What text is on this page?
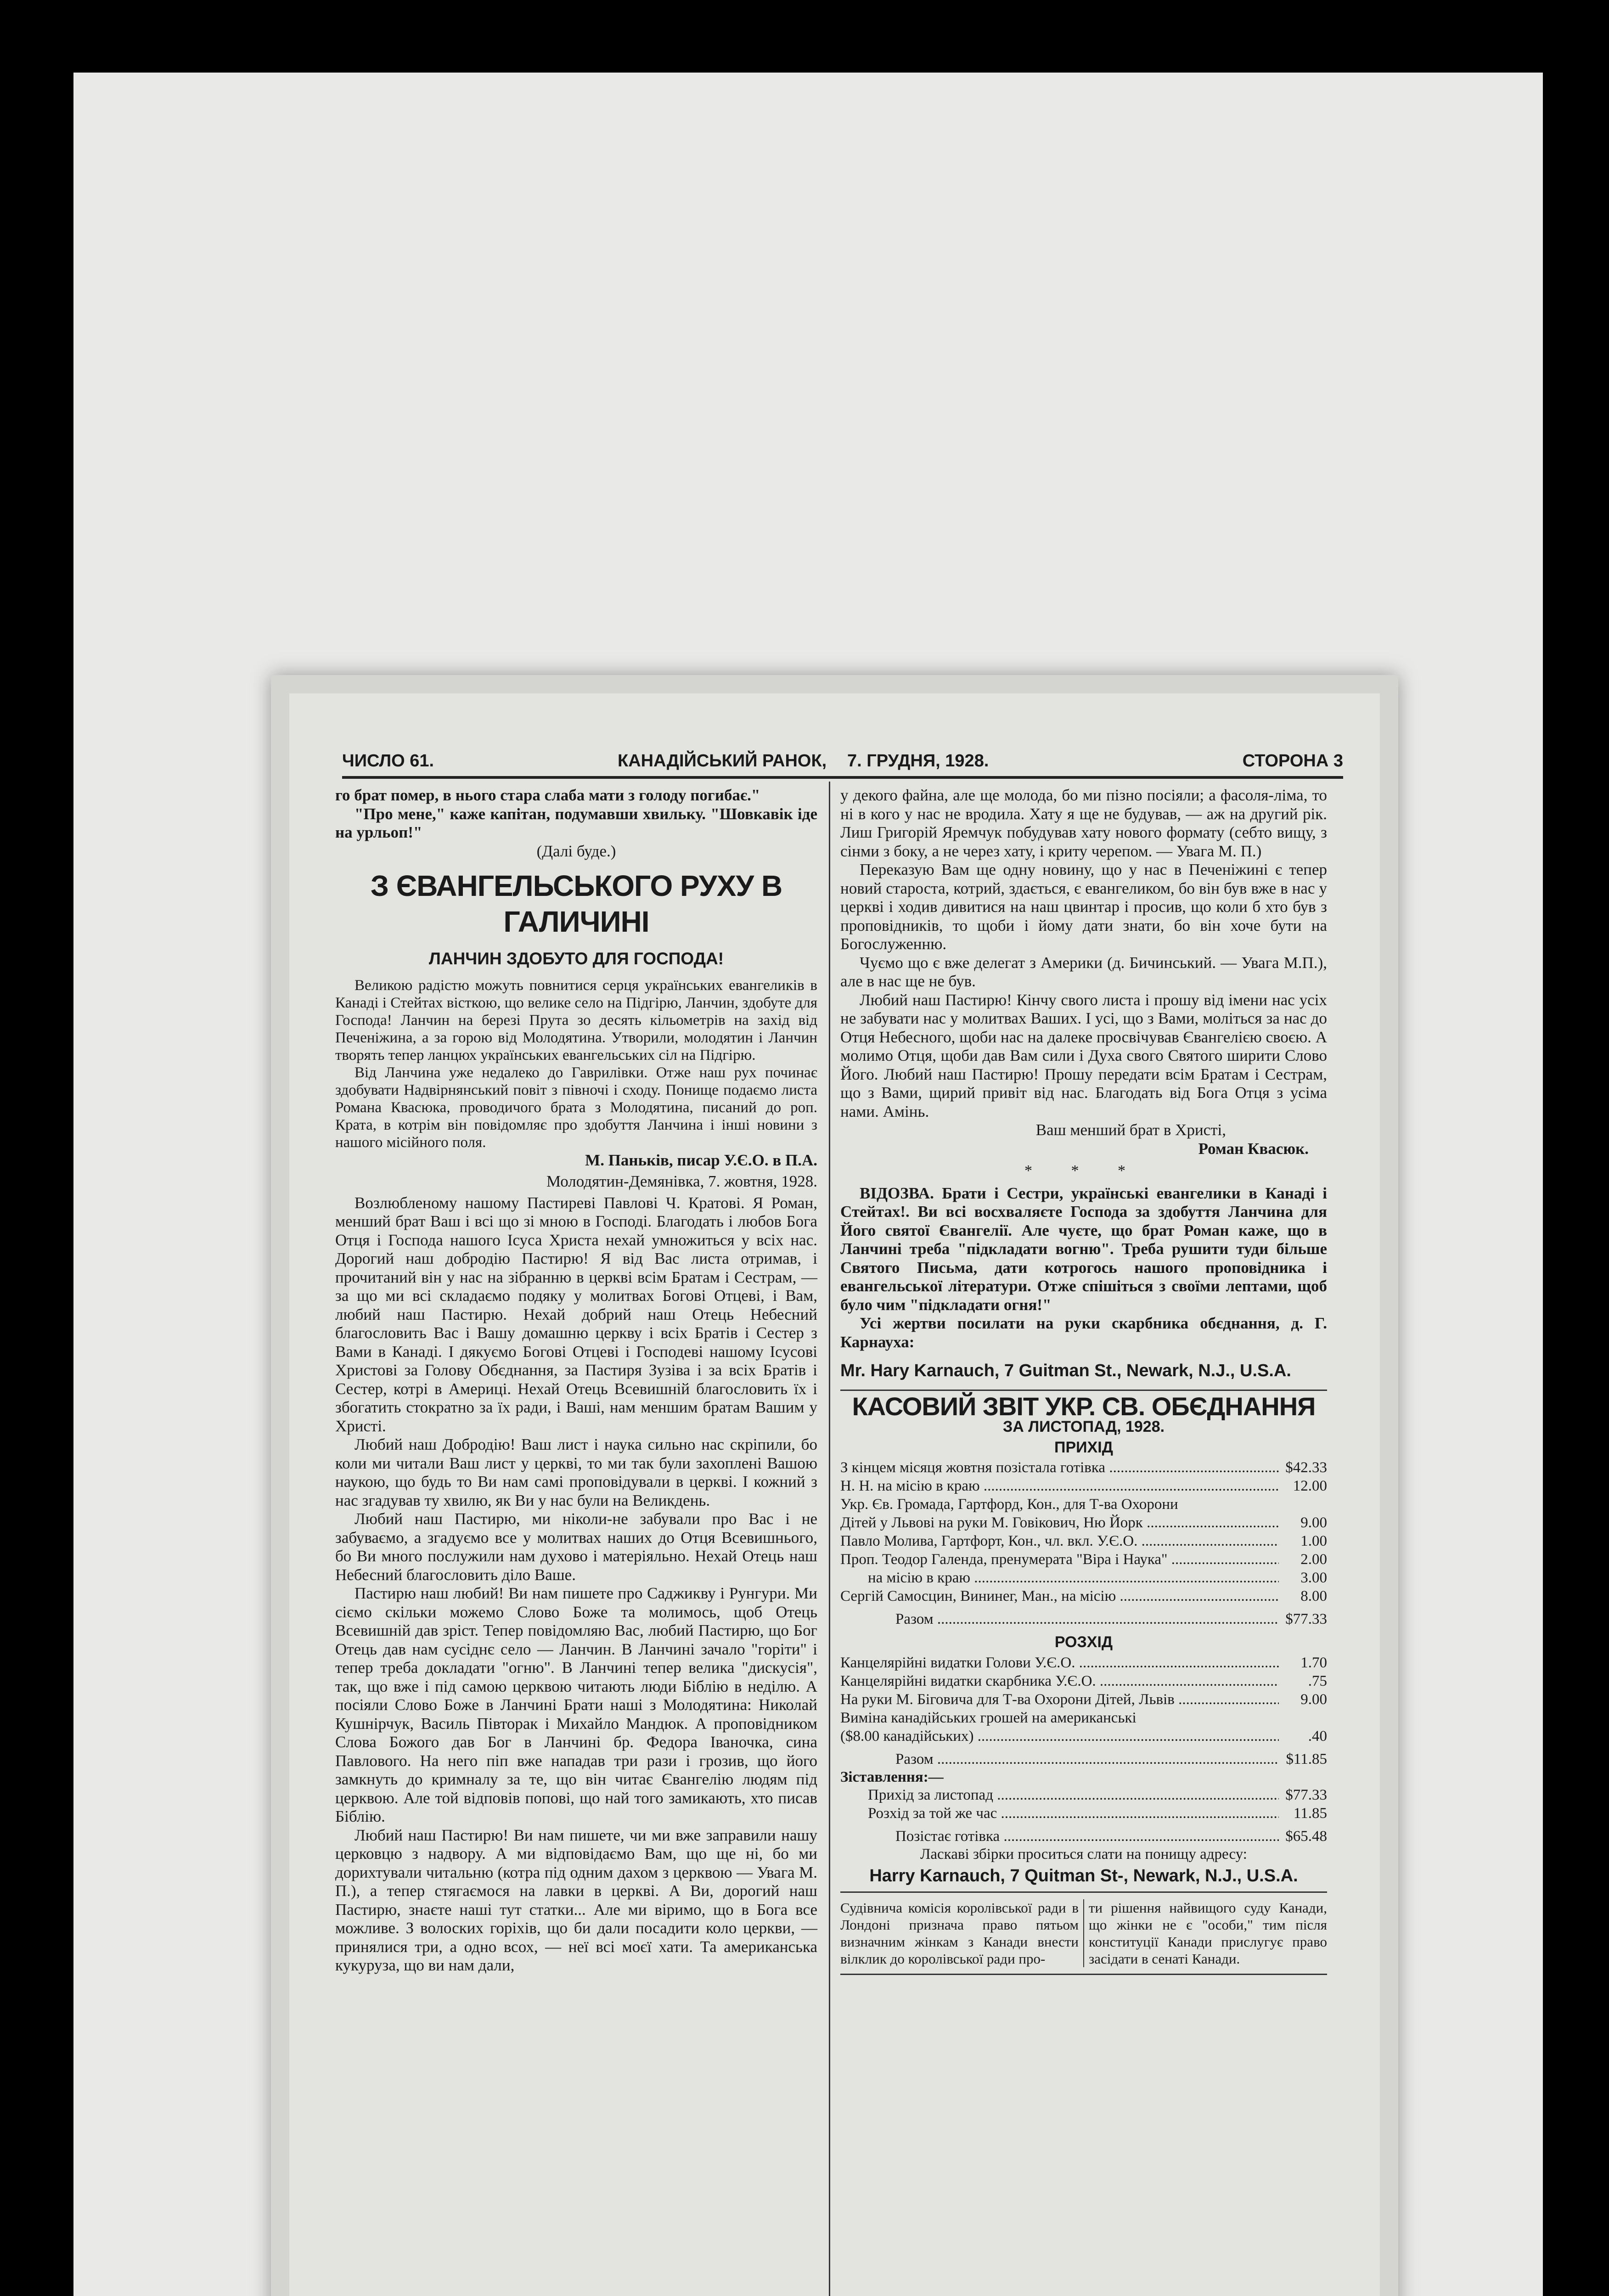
ЧИСЛО 61.	КАНАДІЙСЬКИЙ РАНОК, 7. ГРУДНЯ, 1928.	СТОРОНА 3

го брат помер, в нього стара слаба мати з голоду погибає."

"Про мене," каже капітан, подумавши хвильку. "Шовкавік іде на урльоп!"

(Далі буде.)

З ЄВАНГЕЛЬСЬКОГО РУХУ В ГАЛИЧИНІ
ЛАНЧИН ЗДОБУТО ДЛЯ ГОСПОДА!

Великою радістю можуть повнитися серця українських евангеликів в Канаді і Стейтах вісткою, що велике село на Підгірю, Ланчин, здобуте для Господа! Ланчин на березі Прута зо десять кільометрів на захід від Печеніжина, а за горою від Молодятина. Утворили, молодятин і Ланчин творять тепер ланцюх українських евангельських сіл на Підгірю.

Від Ланчина уже недалеко до Гаврилівки. Отже наш рух починає здобувати Надвірнянський повіт з півночі і сходу. Понище подаємо листа Романа Квасюка, проводичого брата з Молодятина, писаний до роп. Крата, в котрім він повідомляє про здобуття Ланчина і інші новини з нашого місійного поля.

М. Паньків, писар У.Є.О. в П.А.

Молодятин-Демянівка, 7. жовтня, 1928.

Возлюбленому нашому Пастиреві Павлові Ч. Кратові. Я Роман, менший брат Ваш і всі що зі мною в Господі. Благодать і любов Бога Отця і Господа нашого Ісуса Христа нехай умножиться у всіх нас. Дорогий наш добродію Пастирю! Я від Вас листа отримав, і прочитаний він у нас на зібранню в церкві всім Братам і Сестрам, — за що ми всі складаємо подяку у молитвах Боговi Отцеві, і Вам, любий наш Пастирю. Нехай добрий наш Отець Небесний благословить Вас і Вашу домашню церкву і всіх Братів і Сестер з Вами в Канаді. І дякуємо Богові Отцеві і Господеві нашому Ісусові Христові за Голову Обєднання, за Пастиря Зузіва і за всіх Братів і Сестер, котрі в Америці. Нехай Отець Всевишній благословить їх і збогатить стократно за їх ради, і Ваші, нам меншим братам Вашим у Христі.

Любий наш Добродію! Ваш лист і наука сильно нас скріпили, бо коли ми читали Ваш лист у церкві, то ми так були захоплені Вашою наукою, що будь то Ви нам самі проповідували в церкві. І кожний з нас згадував ту хвилю, як Ви у нас були на Великдень.

Любий наш Пастирю, ми ніколи-не забували про Вас і не забуваємо, а згадуємо все у молитвах наших до Отця Всевишнього, бо Ви много послужили нам духово і матеріяльно. Нехай Отець наш Небесний благословить діло Ваше.

Пастирю наш любий! Ви нам пишете про Саджикву і Рунгури. Ми сіємо скільки можемо Слово Боже та молимось, щоб Отець Всевишній дав зріст. Тепер повідомляю Вас, любий Пастирю, що Бог Отець дав нам сусіднє село — Ланчин. В Ланчині зачало "горіти" і тепер треба докладати "огню". В Ланчині тепер велика "дискусія", так, що вже і під самою церквою читають люди Біблію в неділю. А посіяли Слово Боже в Ланчині Брати наші з Молодятина: Николай Кушнірчук, Василь Півторак і Михайло Мандюк. А проповідником Слова Божого дав Бог в Ланчині бр. Федора Іваночка, сина Павлового. На него піп вже нападав три рази і грозив, що його замкнуть до кримналу за те, що він читає Євангелію людям під церквою. Але той відповів попові, що най того замикають, хто писав Біблію.

Любий наш Пастирю! Ви нам пишете, чи ми вже заправили нашу церковцю з надвору. А ми відповідаємо Вам, що ще ні, бо ми дорихтували читальню (котра під одним дахом з церквою — Увага М. П.), а тепер стягаємося на лавки в церкві. А Ви, дорогий наш Пастирю, знаєте наші тут статки... Але ми віримо, що в Бога все можливе. З волоских горіхів, що би дали посадити коло церкви, — принялися три, а одно всох, — неї всі моєї хати. Та американська кукуруза, що ви нам дали,

у декого файна, але ще молода, бо ми пізно посіяли; а фасоля-ліма, то ні в кого у нас не вродила. Хату я ще не будував, — аж на другий рік. Лиш Григорій Яремчук побудував хату нового формату (себто вищу, з сінми з боку, а не через хату, і криту черепом. — Увага М. П.)

Переказую Вам ще одну новину, що у нас в Печеніжині є тепер новий староста, котрий, здається, є евангеликом, бо він був вже в нас у церкві і ходив дивитися на наш цвинтар і просив, що коли б хто був з проповідників, то щоби і йому дати знати, бо він хоче бути на Богослуженню.

Чуємо що є вже делегат з Америки (д. Бичинський. — Увага М.П.), але в нас ще не був.

Любий наш Пастирю! Кінчу свого листа і прошу від імени нас усіх не забувати нас у молитвах Ваших. І усі, що з Вами, моліться за нас до Отця Небесного, щоби нас на далеке просвічував Євангелією своєю. А молимо Отця, щоби дав Вам сили і Духа свого Святого ширити Слово Його. Любий наш Пастирю! Прошу передати всім Братам і Сестрам, що з Вами, щирий привіт від нас. Благодать від Бога Отця з усіма нами. Амінь.

Ваш менший брат в Христі,

Роман Квасюк.

* * *

ВІДОЗВА. Брати і Сестри, українські евангелики в Канаді і Стейтах!. Ви всі восхваляєте Господа за здобуття Ланчина для Його святої Євангелії. Але чуєте, що брат Роман каже, що в Ланчині треба "підкладати вогню". Треба рушити туди більше Святого Письма, дати котрогось нашого проповідника і евангельської літератури. Отже спішіться з своїми лептами, щоб було чим "підкладати огня!"

Усі жертви посилати на руки скарбника обєднання, д. Г. Карнауха:

Mr. Hary Karnauch, 7 Guitman St., Newark, N.J., U.S.A.
КАСОВИЙ ЗВІТ УКР. СВ. ОБЄДНАННЯ
ЗА ЛИСТОПАД, 1928.
ПРИХІД
З кінцем місяця жовтня позістала готівка .....	$42.33
Н. Н. на місію в краю .....	12.00
Укр. Єв. Громада, Гартфорд, Кон., для Т-ва Охорони
Дітей у Львові на руки М. Говікович, Ню Йорк .....	9.00
Павло Молива, Гартфорт, Кон., чл. вкл. У.Є.О. .....	1.00
Проп. Теодор Галенда, пренумерата "Віра і Наука" .....	2.00
на місію в краю .....	3.00
Сергій Самосцин, Вининег, Ман., на місію .....	8.00
Разом .....	$77.33
РОЗХІД
Канцелярійні видатки Голови У.Є.О. .....	1.70
Канцелярійні видатки скарбника У.Є.О. .....	.75
На руки М. Біговича для Т-ва Охорони Дітей, Львів .....	9.00
Виміна канадійських грошей на американські
($8.00 канадійських) .....	.40
Разом .....	$11.85

Зіставлення:—

Прихід за листопад .....	$77.33
Розхід за той же час .....	11.85
Позістає готівка .....	$65.48

Ласкаві збірки проситься слати на понищу адресу:

Harry Karnauch, 7 Quitman St-, Newark, N.J., U.S.A.
Судівнича комісія королівської ради в Лондоні признача право пятьом визначним жінкам з Канади внести вілклик до королівської ради про-
ти рішення найвищого суду Канади, що жінки не є "особи," тим після конституції Канади прислугує право засідати в сенаті Канади.
